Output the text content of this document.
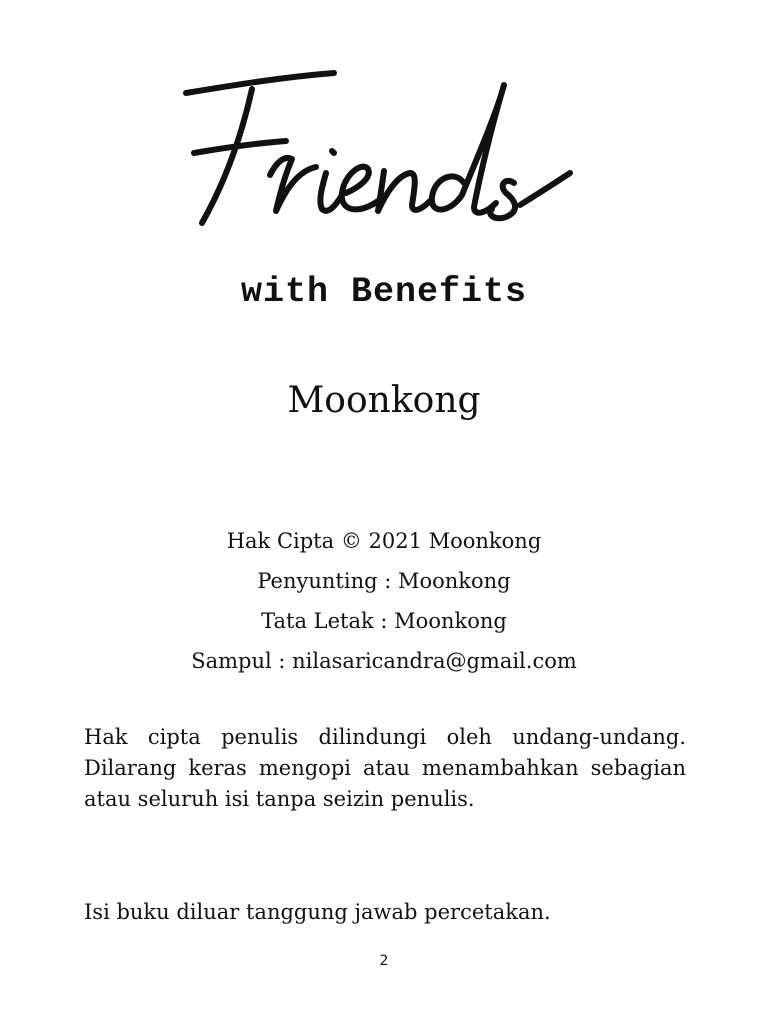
with Benefits
Moonkong
Hak Cipta © 2021 Moonkong
Penyunting : Moonkong
Tata Letak : Moonkong
Sampul : nilasaricandra@gmail.com
Hak cipta penulis dilindungi oleh undang-undang. Dilarang keras mengopi atau menambahkan sebagian atau seluruh isi tanpa seizin penulis.
Isi buku diluar tanggung jawab percetakan.
2
